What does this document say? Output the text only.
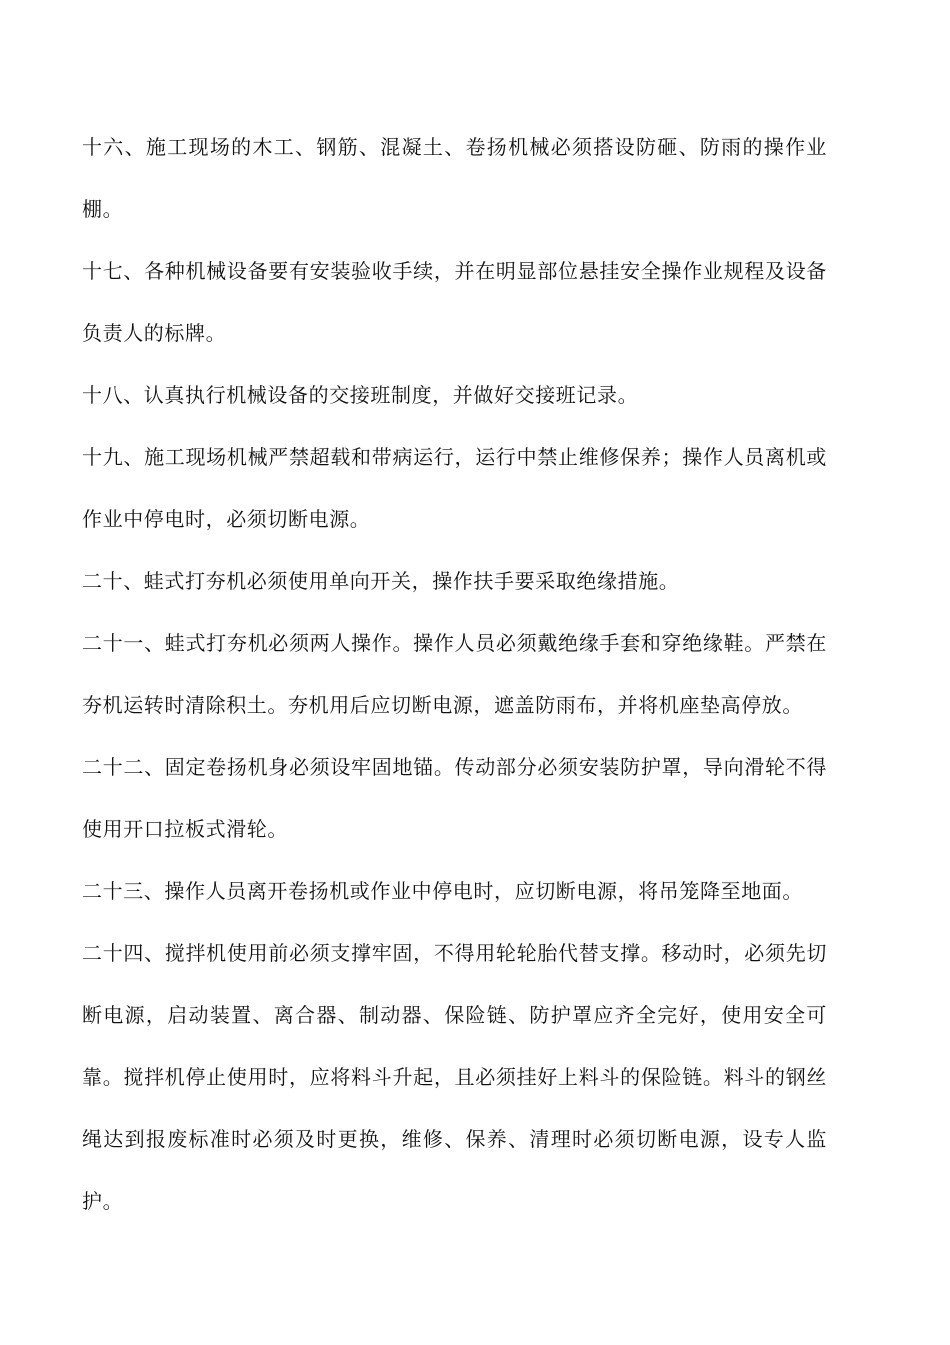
十六、施工现场的木工、钢筋、混凝土、卷扬机械必须搭设防砸、防雨的操作业棚。

十七、各种机械设备要有安装验收手续，并在明显部位悬挂安全操作业规程及设备负责人的标牌。

十八、认真执行机械设备的交接班制度，并做好交接班记录。

十九、施工现场机械严禁超载和带病运行，运行中禁止维修保养；操作人员离机或作业中停电时，必须切断电源。

二十、蛙式打夯机必须使用单向开关，操作扶手要采取绝缘措施。

二十一、蛙式打夯机必须两人操作。操作人员必须戴绝缘手套和穿绝缘鞋。严禁在夯机运转时清除积土。夯机用后应切断电源，遮盖防雨布，并将机座垫高停放。

二十二、固定卷扬机身必须设牢固地锚。传动部分必须安装防护罩，导向滑轮不得使用开口拉板式滑轮。

二十三、操作人员离开卷扬机或作业中停电时，应切断电源，将吊笼降至地面。

二十四、搅拌机使用前必须支撑牢固，不得用轮轮胎代替支撑。移动时，必须先切断电源，启动装置、离合器、制动器、保险链、防护罩应齐全完好，使用安全可靠。搅拌机停止使用时，应将料斗升起，且必须挂好上料斗的保险链。料斗的钢丝绳达到报废标准时必须及时更换，维修、保养、清理时必须切断电源，设专人监护。
